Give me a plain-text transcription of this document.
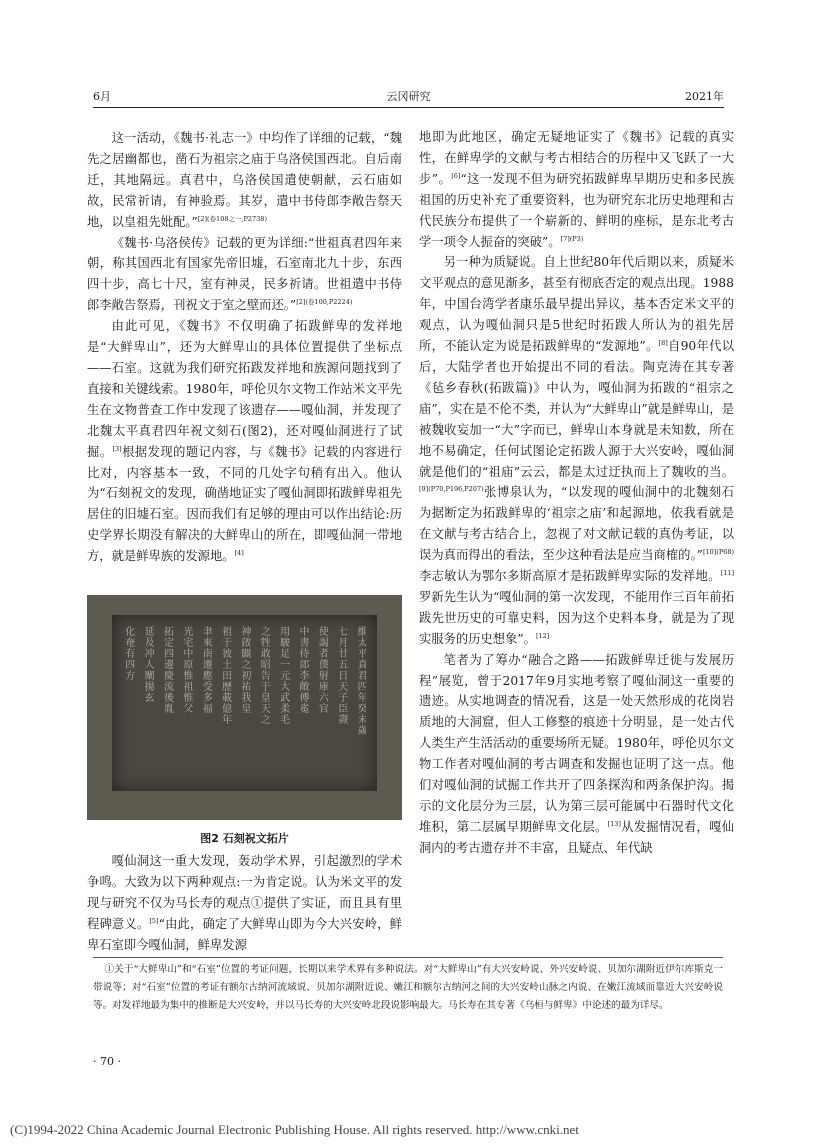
6月	云冈研究	2021年

这一活动，《魏书·礼志一》中均作了详细的记载，“魏先之居幽都也，凿石为祖宗之庙于乌洛侯国西北。自后南迁，其地隔远。真君中，乌洛侯国遣使朝献，云石庙如故，民常祈请，有神验焉。其岁，遣中书侍郎李敞告祭天地，以皇祖先妣配。”$^{[2](卷108之一,P2738)}$

《魏书·乌洛侯传》记载的更为详细:“世祖真君四年来朝，称其国西北有国家先帝旧墟，石室南北九十步，东西四十步，高七十尺，室有神灵，民多祈请。世祖遣中书侍郎李敞告祭焉，刊祝文于室之壁而还。”$^{[2](卷100,P2224)}$

由此可见，《魏书》不仅明确了拓跋鲜卑的发祥地是“大鲜卑山”，还为大鲜卑山的具体位置提供了坐标点——石室。这就为我们研究拓跋发祥地和族源问题找到了直接和关键线索。1980年，呼伦贝尔文物工作站米文平先生在文物普查工作中发现了该遗存——嘎仙洞，并发现了北魏太平真君四年祝文刻石(图2)，还对嘎仙洞进行了试掘。[3]根据发现的题记内容，与《魏书》记载的内容进行比对，内容基本一致，不同的几处字句稍有出入。他认为“石刻祝文的发现，确凿地证实了嘎仙洞即拓跋鲜卑祖先居住的旧墟石室。因而我们有足够的理由可以作出结论:历史学界长期没有解决的大鲜卑山的所在，即嘎仙洞一带地方，就是鲜卑族的发源地。[4]

維太平真君四年癸未歲
七月廿五日天子臣燾
使謁者僕射庫六官
中書侍郎李敞傅㝹
用駿足一元大武柔毛
之牲敢昭告于皇天之
神啟闢之初祐我皇
祖于彼土田歷載億年
聿來南遷應受多福
光宅中原惟祖惟父
拓定四邊慶流後胤
延及冲人闡揚玄
化奄有四方
图2 石刻祝文拓片

嘎仙洞这一重大发现，轰动学术界，引起激烈的学术争鸣。大致为以下两种观点:一为肯定说。认为米文平的发现与研究不仅为马长寿的观点①提供了实证，而且具有里程碑意义。[5]“由此，确定了大鲜卑山即为今大兴安岭，鲜卑石室即今嘎仙洞，鲜卑发源

地即为此地区，确定无疑地证实了《魏书》记载的真实性，在鲜卑学的文献与考古相结合的历程中又飞跃了一大步”。[6]“这一发现不但为研究拓跋鲜卑早期历史和多民族祖国的历史补充了重要资料，也为研究东北历史地理和古代民族分布提供了一个崭新的、鲜明的座标，是东北考古学一项令人振奋的突破”。$^{[7](P3)}$

另一种为质疑说。自上世纪80年代后期以来，质疑米文平观点的意见渐多，甚至有彻底否定的观点出现。1988年，中国台湾学者康乐最早提出异议，基本否定米文平的观点，认为嘎仙洞只是5世纪时拓跋人所认为的祖先居所，不能认定为说是拓跋鲜卑的“发源地”。[8]自90年代以后，大陆学者也开始提出不同的看法。陶克涛在其专著《毡乡春秋(拓跋篇)》中认为，嘎仙洞为拓跋的“祖宗之庙”，实在是不伦不类，并认为“大鲜卑山”就是鲜卑山，是被魏收妄加一“大”字而已，鲜卑山本身就是未知数，所在地不易确定，任何试图论定拓跋人源于大兴安岭，嘎仙洞就是他们的“祖庙”云云，都是太过迂执而上了魏收的当。$^{[9](P70,P196,P207)}$张博泉认为，“以发现的嘎仙洞中的北魏刻石为据断定为拓跋鲜卑的‘祖宗之庙’和起源地，依我看就是在文献与考古结合上，忽视了对文献记载的真伪考证，以误为真而得出的看法，至少这种看法是应当商榷的。”$^{[10](P68)}$李志敏认为鄂尔多斯高原才是拓跋鲜卑实际的发祥地。[11]罗新先生认为“嘎仙洞的第一次发现，不能用作三百年前拓跋先世历史的可靠史料，因为这个史料本身，就是为了现实服务的历史想象”。[12]

笔者为了筹办“融合之路——拓跋鲜卑迁徙与发展历程”展览，曾于2017年9月实地考察了嘎仙洞这一重要的遗迹。从实地调查的情况看，这是一处天然形成的花岗岩质地的大洞窟，但人工修整的痕迹十分明显，是一处古代人类生产生活活动的重要场所无疑。1980年，呼伦贝尔文物工作者对嘎仙洞的考古调查和发掘也证明了这一点。他们对嘎仙洞的试掘工作共开了四条探沟和两条保护沟。揭示的文化层分为三层，认为第三层可能属中石器时代文化堆积，第二层属早期鲜卑文化层。[13]从发掘情况看，嘎仙洞内的考古遗存并不丰富，且疑点、年代缺

①关于“大鲜卑山”和“石室”位置的考证问题，长期以来学术界有多种说法。对“大鲜卑山”有大兴安岭说、外兴安岭说、贝加尔湖附近伊尔库斯克一带说等；对“石室”位置的考证有额尔古纳河流域说、贝加尔湖附近说、嫩江和额尔古纳河之间的大兴安岭山脉之内说、在嫩江流域而靠近大兴安岭说等。对发祥地最为集中的推断是大兴安岭，并以马长寿的大兴安岭北段说影响最大。马长寿在其专著《乌桓与鲜卑》中论述的最为详尽。

· 70 ·
(C)1994-2022 China Academic Journal Electronic Publishing House. All rights reserved. http://www.cnki.net
